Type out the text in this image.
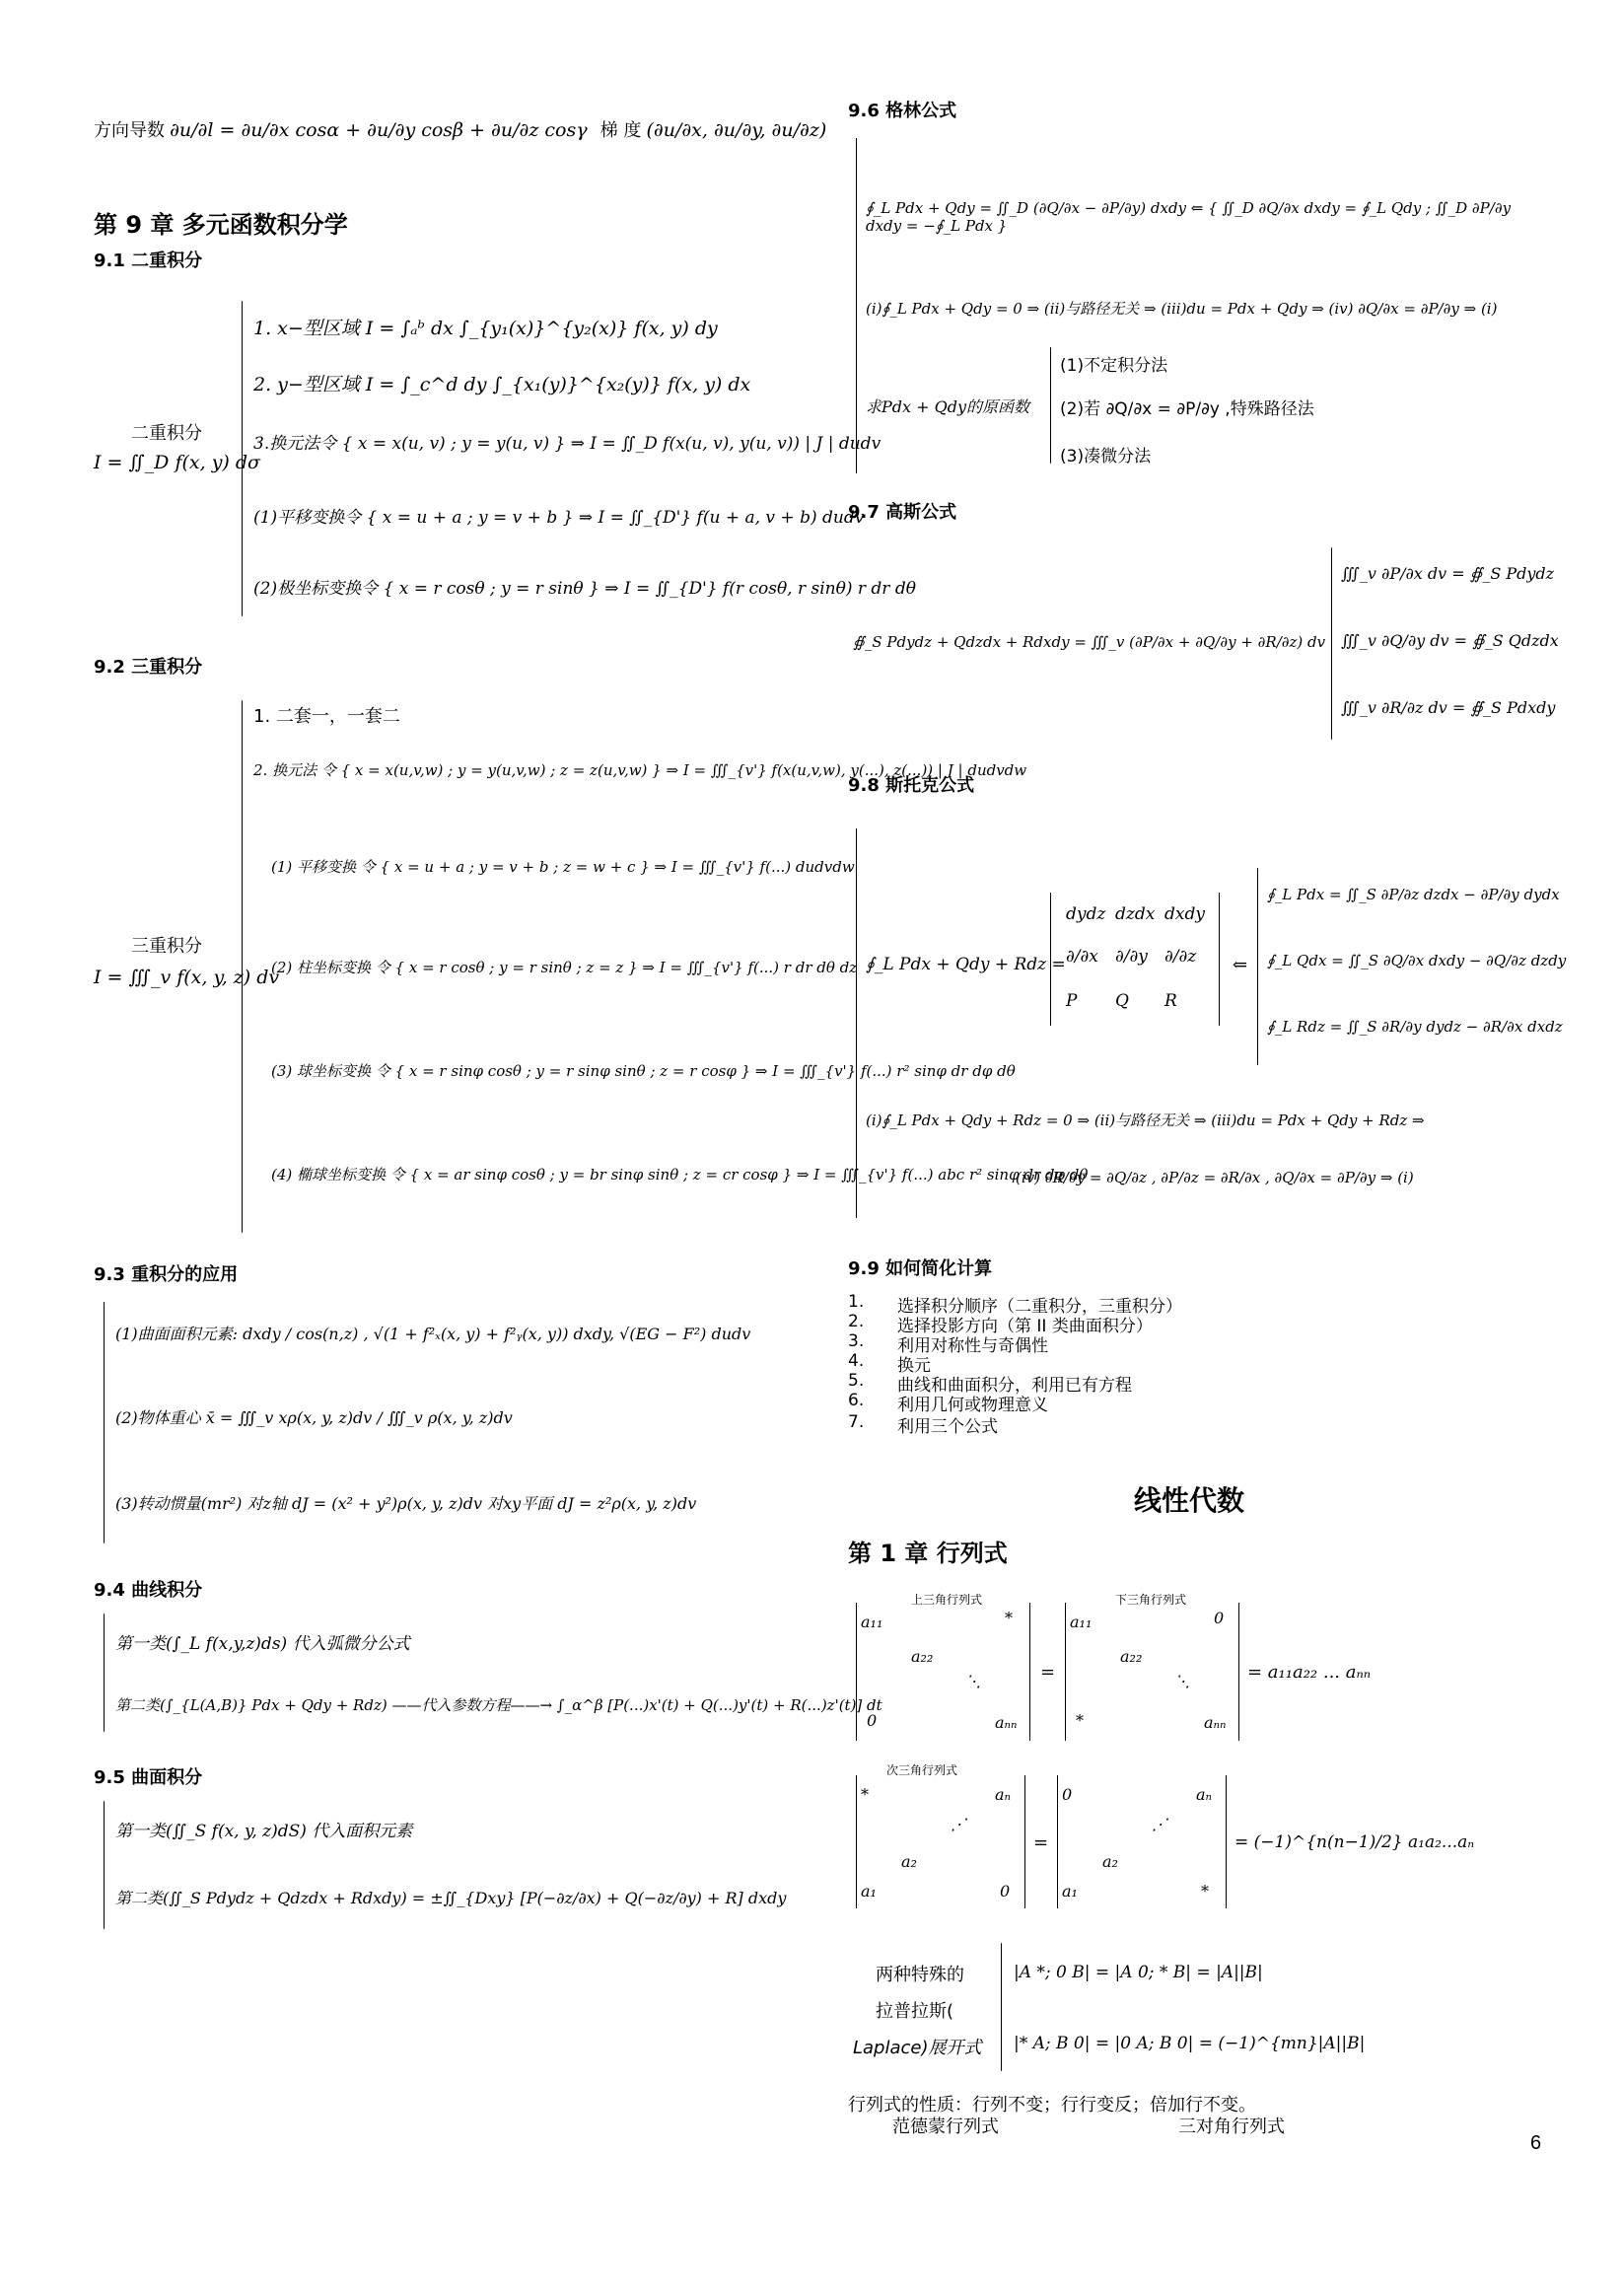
方向导数 ∂u/∂l = ∂u/∂x cosα + ∂u/∂y cosβ + ∂u/∂z cosγ 梯 度 (∂u/∂x, ∂u/∂y, ∂u/∂z)
第 9 章 多元函数积分学
9.1 二重积分
二重积分
I = ∬_D f(x, y) dσ
1. x−型区域 I = ∫ₐᵇ dx ∫_{y₁(x)}^{y₂(x)} f(x, y) dy
2. y−型区域 I = ∫_c^d dy ∫_{x₁(y)}^{x₂(y)} f(x, y) dx
3.换元法令 { x = x(u, v) ; y = y(u, v) } ⇒ I = ∬_D f(x(u, v), y(u, v)) | J | dudv
(1)平移变换令 { x = u + a ; y = v + b } ⇒ I = ∬_{D'} f(u + a, v + b) dudv
(2)极坐标变换令 { x = r cosθ ; y = r sinθ } ⇒ I = ∬_{D'} f(r cosθ, r sinθ) r dr dθ
9.2 三重积分
三重积分
I = ∭_v f(x, y, z) dv
1. 二套一，一套二
2. 换元法 令 { x = x(u,v,w) ; y = y(u,v,w) ; z = z(u,v,w) } ⇒ I = ∭_{v'} f(x(u,v,w), y(...), z(...)) | J | dudvdw
(1) 平移变换 令 { x = u + a ; y = v + b ; z = w + c } ⇒ I = ∭_{v'} f(...) dudvdw
(2) 柱坐标变换 令 { x = r cosθ ; y = r sinθ ; z = z } ⇒ I = ∭_{v'} f(...) r dr dθ dz
(3) 球坐标变换 令 { x = r sinφ cosθ ; y = r sinφ sinθ ; z = r cosφ } ⇒ I = ∭_{v'} f(...) r² sinφ dr dφ dθ
(4) 椭球坐标变换 令 { x = ar sinφ cosθ ; y = br sinφ sinθ ; z = cr cosφ } ⇒ I = ∭_{v'} f(...) abc r² sinφ dr dφ dθ
9.3 重积分的应用
(1)曲面面积元素: dxdy / cos(n,z) , √(1 + f²ₓ(x, y) + f²ᵧ(x, y)) dxdy, √(EG − F²) dudv
(2)物体重心 x̄ = ∭_v xρ(x, y, z)dv / ∭_v ρ(x, y, z)dv
(3)转动惯量(mr²) 对z轴 dJ = (x² + y²)ρ(x, y, z)dv 对xy平面 dJ = z²ρ(x, y, z)dv
9.4 曲线积分
第一类(∫_L f(x,y,z)ds) 代入弧微分公式
第二类(∫_{L(A,B)} Pdx + Qdy + Rdz) ——代入参数方程——→ ∫_α^β [P(...)x'(t) + Q(...)y'(t) + R(...)z'(t)] dt
9.5 曲面积分
第一类(∬_S f(x, y, z)dS) 代入面积元素
第二类(∬_S Pdydz + Qdzdx + Rdxdy) = ±∬_{Dxy} [P(−∂z/∂x) + Q(−∂z/∂y) + R] dxdy
9.6 格林公式
∮_L Pdx + Qdy = ∬_D (∂Q/∂x − ∂P/∂y) dxdy ⇐ { ∬_D ∂Q/∂x dxdy = ∮_L Qdy ; ∬_D ∂P/∂y dxdy = −∮_L Pdx }
(i)∮_L Pdx + Qdy = 0 ⇒ (ii)与路径无关 ⇒ (iii)du = Pdx + Qdy ⇒ (iv) ∂Q/∂x = ∂P/∂y ⇒ (i)
求Pdx + Qdy的原函数
(1)不定积分法
(2)若 ∂Q/∂x = ∂P/∂y ,特殊路径法
(3)凑微分法
9.7 高斯公式
∯_S Pdydz + Qdzdx + Rdxdy = ∭_v (∂P/∂x + ∂Q/∂y + ∂R/∂z) dv
∭_v ∂P/∂x dv = ∯_S Pdydz
∭_v ∂Q/∂y dv = ∯_S Qdzdx
∭_v ∂R/∂z dv = ∯_S Pdxdy
9.8 斯托克公式
∮_L Pdx + Qdy + Rdz =
dydz dzdx dxdy
∂/∂x ∂/∂y ∂/∂z
P Q R
⇐
∮_L Pdx = ∬_S ∂P/∂z dzdx − ∂P/∂y dydx
∮_L Qdx = ∬_S ∂Q/∂x dxdy − ∂Q/∂z dzdy
∮_L Rdz = ∬_S ∂R/∂y dydz − ∂R/∂x dxdz
(i)∮_L Pdx + Qdy + Rdz = 0 ⇒ (ii)与路径无关 ⇒ (iii)du = Pdx + Qdy + Rdz ⇒
(iv) ∂R/∂y = ∂Q/∂z , ∂P/∂z = ∂R/∂x , ∂Q/∂x = ∂P/∂y ⇒ (i)
9.9 如何简化计算
1. 选择积分顺序（二重积分，三重积分）
2. 选择投影方向（第 II 类曲面积分）
3. 利用对称性与奇偶性
4. 换元
5. 曲线和曲面积分，利用已有方程
6. 利用几何或物理意义
7. 利用三个公式
线性代数
第 1 章 行列式
上三角行列式
a₁₁	*
a₂₂
⋱
0	aₙₙ
=
下三角行列式
a₁₁	0
a₂₂
⋱
*	aₙₙ
= a₁₁a₂₂ ... aₙₙ
次三角行列式
*	aₙ
⋰
a₂
a₁	0
=
0	aₙ
⋰
a₂
a₁	*
= (−1)^{n(n−1)/2} a₁a₂...aₙ
两种特殊的
拉普拉斯(
Laplace)展开式
|A *; 0 B| = |A 0; * B| = |A||B|
|* A; B 0| = |0 A; B 0| = (−1)^{mn}|A||B|
行列式的性质：行列不变；行行变反；倍加行不变。
范德蒙行列式	三对角行列式
6
